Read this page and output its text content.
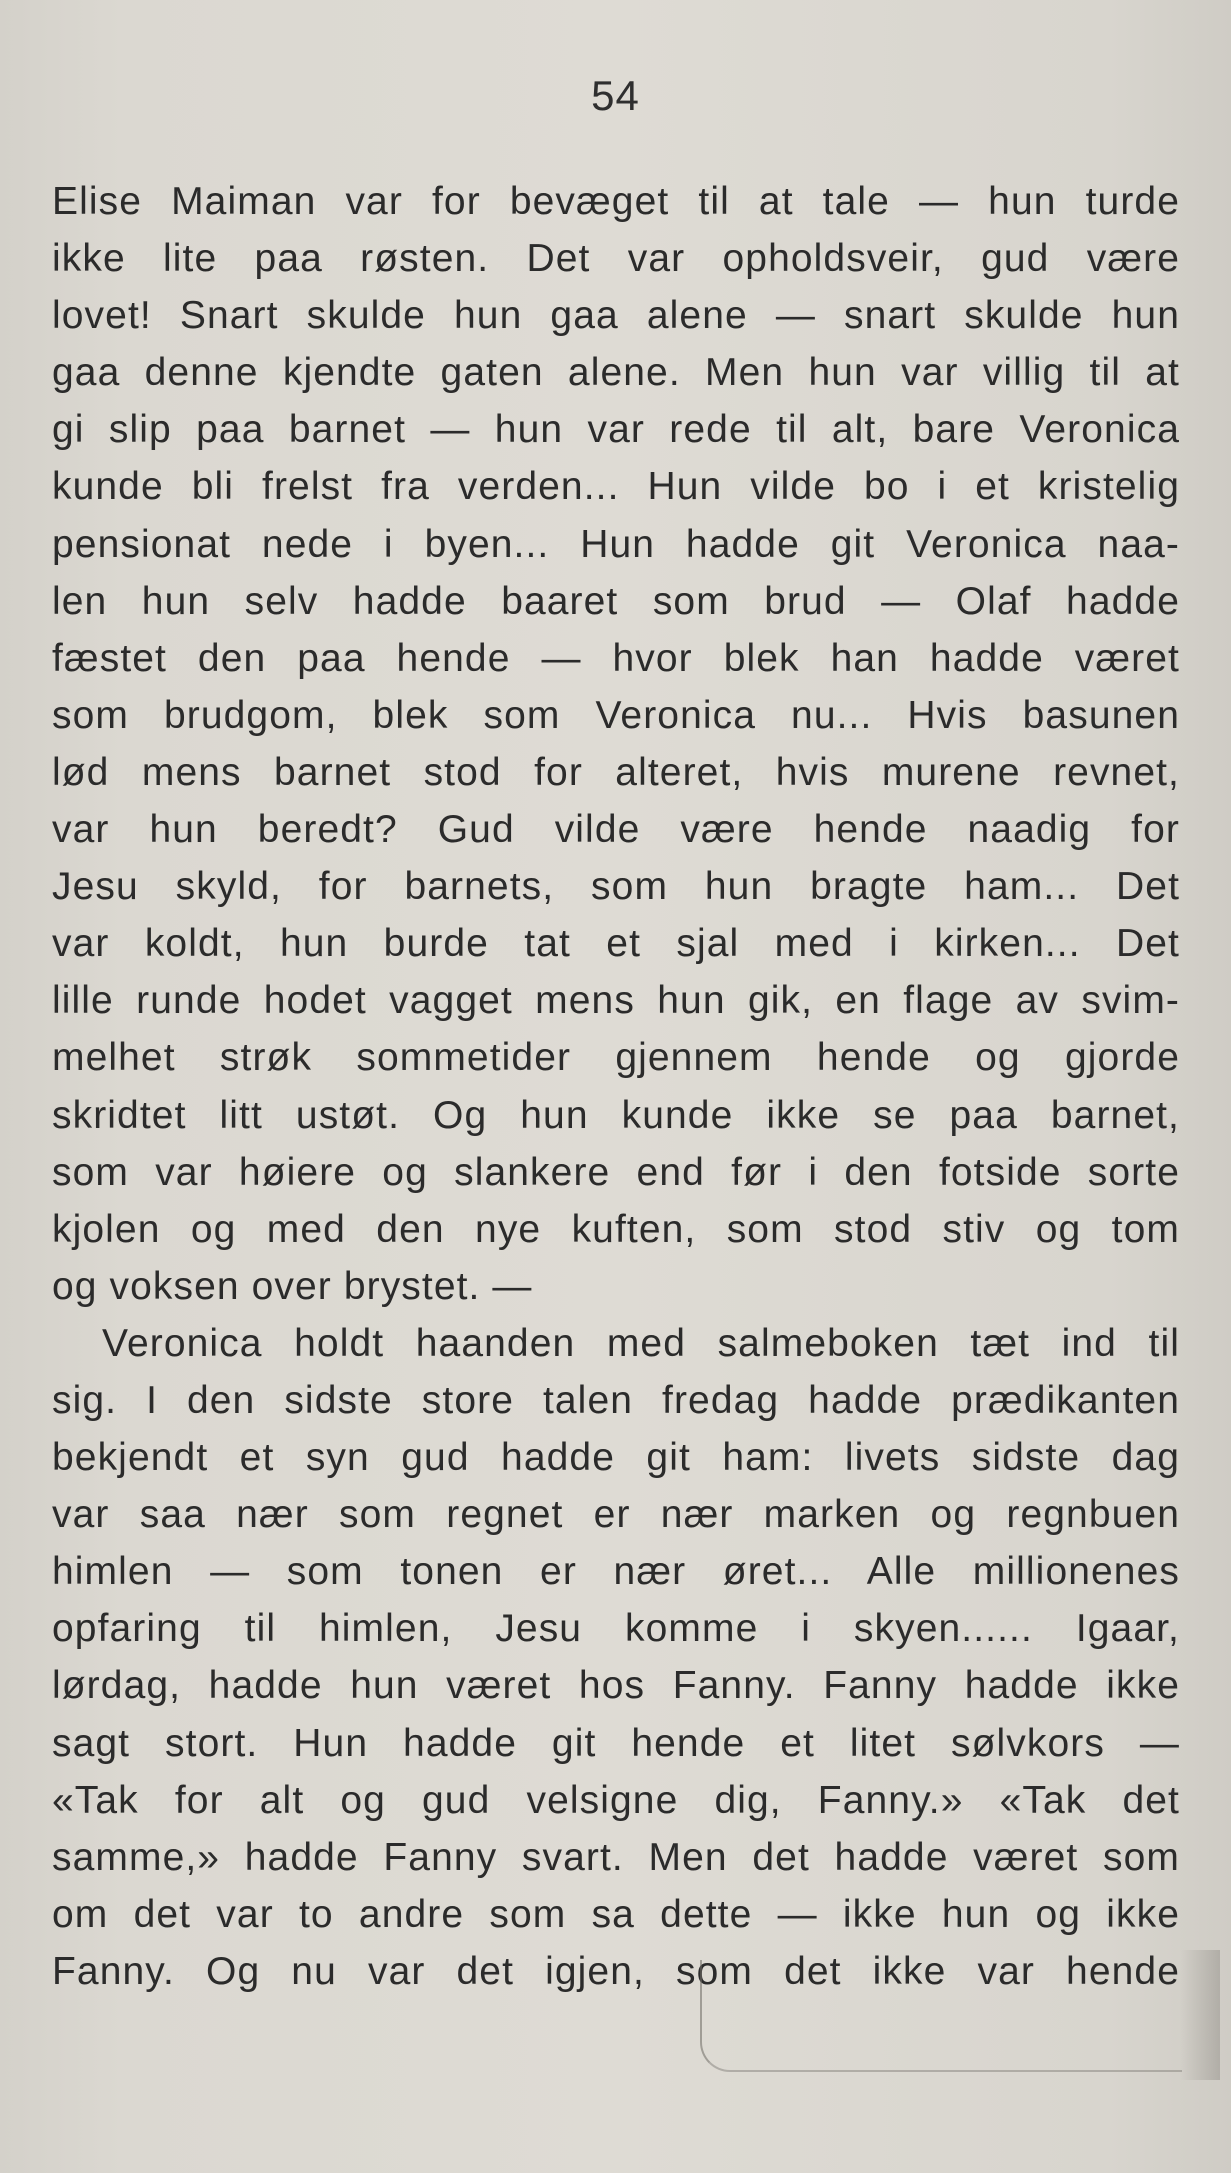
54
Elise Maiman var for bevæget til at tale — hun turde
ikke lite paa røsten. Det var opholdsveir, gud være
lovet! Snart skulde hun gaa alene — snart skulde hun
gaa denne kjendte gaten alene. Men hun var villig til at
gi slip paa barnet — hun var rede til alt, bare Veronica
kunde bli frelst fra verden... Hun vilde bo i et kristelig
pensionat nede i byen... Hun hadde git Veronica naa-
len hun selv hadde baaret som brud — Olaf hadde
fæstet den paa hende — hvor blek han hadde været
som brudgom, blek som Veronica nu... Hvis basunen
lød mens barnet stod for alteret, hvis murene revnet,
var hun beredt? Gud vilde være hende naadig for
Jesu skyld, for barnets, som hun bragte ham... Det
var koldt, hun burde tat et sjal med i kirken... Det
lille runde hodet vagget mens hun gik, en flage av svim-
melhet strøk sommetider gjennem hende og gjorde
skridtet litt ustøt. Og hun kunde ikke se paa barnet,
som var høiere og slankere end før i den fotside sorte
kjolen og med den nye kuften, som stod stiv og tom
og voksen over brystet. —
Veronica holdt haanden med salmeboken tæt ind til
sig. I den sidste store talen fredag hadde prædikanten
bekjendt et syn gud hadde git ham: livets sidste dag
var saa nær som regnet er nær marken og regnbuen
himlen — som tonen er nær øret... Alle millionenes
opfaring til himlen, Jesu komme i skyen...... Igaar,
lørdag, hadde hun været hos Fanny. Fanny hadde ikke
sagt stort. Hun hadde git hende et litet sølvkors —
«Tak for alt og gud velsigne dig, Fanny.» «Tak det
samme,» hadde Fanny svart. Men det hadde været som
om det var to andre som sa dette — ikke hun og ikke
Fanny. Og nu var det igjen, som det ikke var hende
